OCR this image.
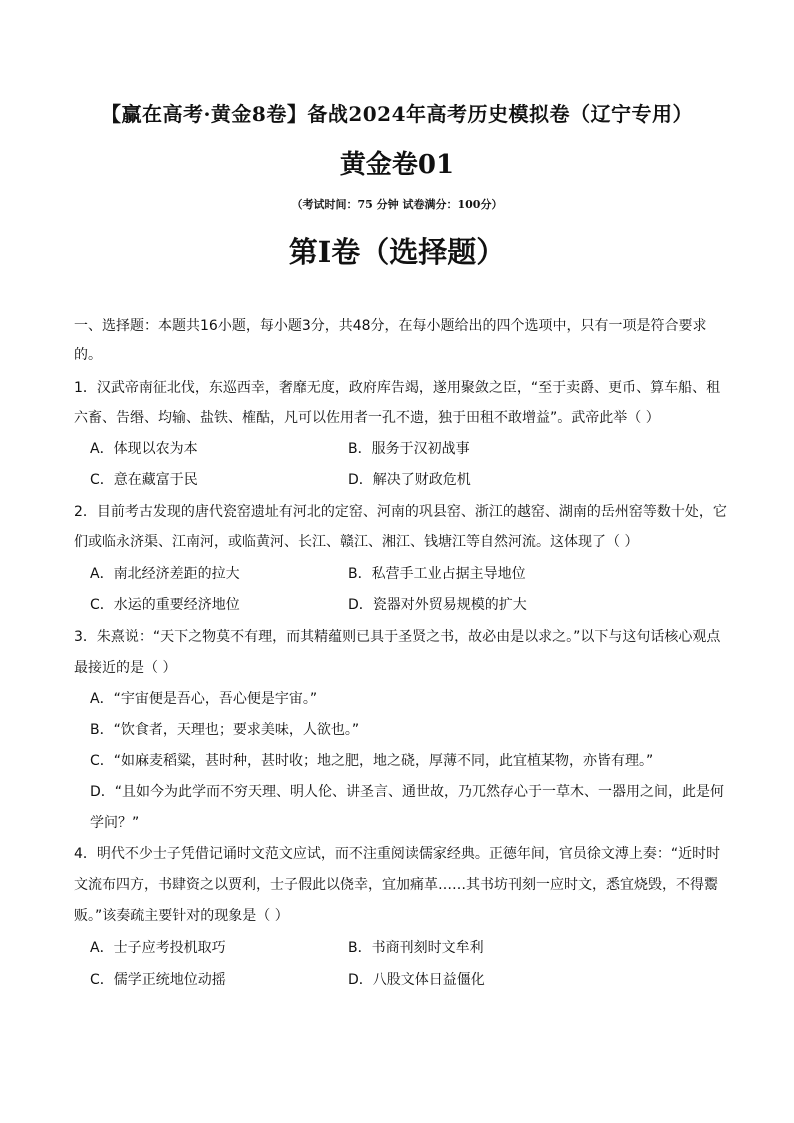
【赢在高考·黄金8卷】备战2024年高考历史模拟卷（辽宁专用）
黄金卷01
（考试时间：75 分钟 试卷满分：100分）
第I卷（选择题）
一、选择题：本题共16小题，每小题3分，共48分，在每小题给出的四个选项中，只有一项是符合要求
的。
1．汉武帝南征北伐，东巡西幸，奢靡无度，政府库告竭，遂用聚敛之臣，“至于卖爵、更币、算车船、租
六畜、告缗、均输、盐铁、榷酤，凡可以佐用者一孔不遗，独于田租不敢增益”。武帝此举（ ）
A．体现以农为本	B．服务于汉初战事
C．意在藏富于民	D．解决了财政危机
2．目前考古发现的唐代瓷窑遗址有河北的定窑、河南的巩县窑、浙江的越窑、湖南的岳州窑等数十处，它
们或临永济渠、江南河，或临黄河、长江、赣江、湘江、钱塘江等自然河流。这体现了（ ）
A．南北经济差距的拉大	B．私营手工业占据主导地位
C．水运的重要经济地位	D．瓷器对外贸易规模的扩大
3．朱熹说：“天下之物莫不有理，而其精蕴则已具于圣贤之书，故必由是以求之。”以下与这句话核心观点
最接近的是（ ）
A．“宇宙便是吾心，吾心便是宇宙。”
B．“饮食者，天理也；要求美味，人欲也。”
C．“如麻麦稻粱，甚时种，甚时收；地之肥，地之硗，厚薄不同，此宜植某物，亦皆有理。”
D．“且如今为此学而不穷天理、明人伦、讲圣言、通世故，乃兀然存心于一草木、一器用之间，此是何
学问？”
4．明代不少士子凭借记诵时文范文应试，而不注重阅读儒家经典。正德年间，官员徐文溥上奏：“近时时
文流布四方，书肆资之以贾利，士子假此以侥幸，宜加痛革……其书坊刊刻一应时文，悉宜烧毁，不得鬻
贩。”该奏疏主要针对的现象是（ ）
A．士子应考投机取巧	B．书商刊刻时文牟利
C．儒学正统地位动摇	D．八股文体日益僵化
